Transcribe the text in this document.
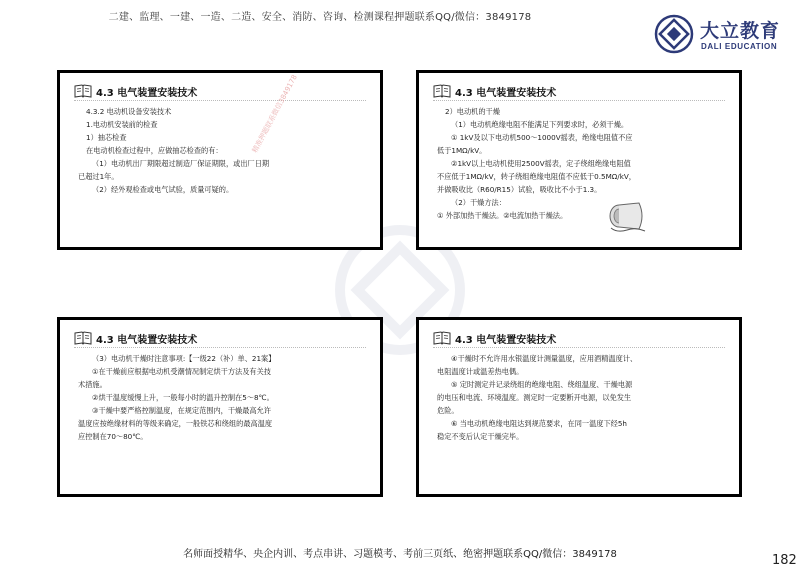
二建、监理、一建、一造、二造、安全、消防、咨询、检测课程押题联系QQ/微信：3849178
大立教育
DALI EDUCATION
4.3 电气装置安装技术

4.3.2 电动机设备安装技术

1.电动机安装前的检查

1）抽芯检查

在电动机检查过程中，应做抽芯检查的有：

（1）电动机出厂期限超过制造厂保证期限，或出厂日期

已超过1年。

（2）经外观检查或电气试验，质量可疑的。

4.3 电气装置安装技术

2）电动机的干燥

（1）电动机绝缘电阻不能满足下列要求时，必须干燥。

① 1kV及以下电动机500～1000V摇表，绝缘电阻值不应

低于1MΩ/kV。

②1kV以上电动机使用2500V摇表，定子绕组绝缘电阻值

不应低于1MΩ/kV，转子绕组绝缘电阻值不应低于0.5MΩ/kV，

并做吸收比（R60/R15）试验，吸收比不小于1.3。

（2）干燥方法：

① 外部加热干燥法。②电流加热干燥法。

4.3 电气装置安装技术

（3）电动机干燥时注意事项:【一级22（补）单、21案】

①在干燥前应根据电动机受潮情况制定烘干方法及有关技

术措施。

②烘干温度缓慢上升，一般每小时的温升控制在5～8℃。

③干燥中要严格控制温度，在规定范围内，干燥最高允许

温度应按绝缘材料的等级来确定，一般铁芯和绕组的最高温度

应控制在70～80℃。

4.3 电气装置安装技术

④干燥时不允许用水银温度计测量温度，应用酒精温度计、

电阻温度计或温差热电偶。

⑤ 定时测定并记录绕组的绝缘电阻、绕组温度、干燥电源

的电压和电流、环境温度。测定时一定要断开电源，以免发生

危险。

⑥ 当电动机绝缘电阻达到规范要求，在同一温度下经5h

稳定不变后认定干燥完毕。

精准押题联系微信3849178
名师面授精华、央企内训、考点串讲、习题模考、考前三页纸、绝密押题联系QQ/微信：3849178	182
